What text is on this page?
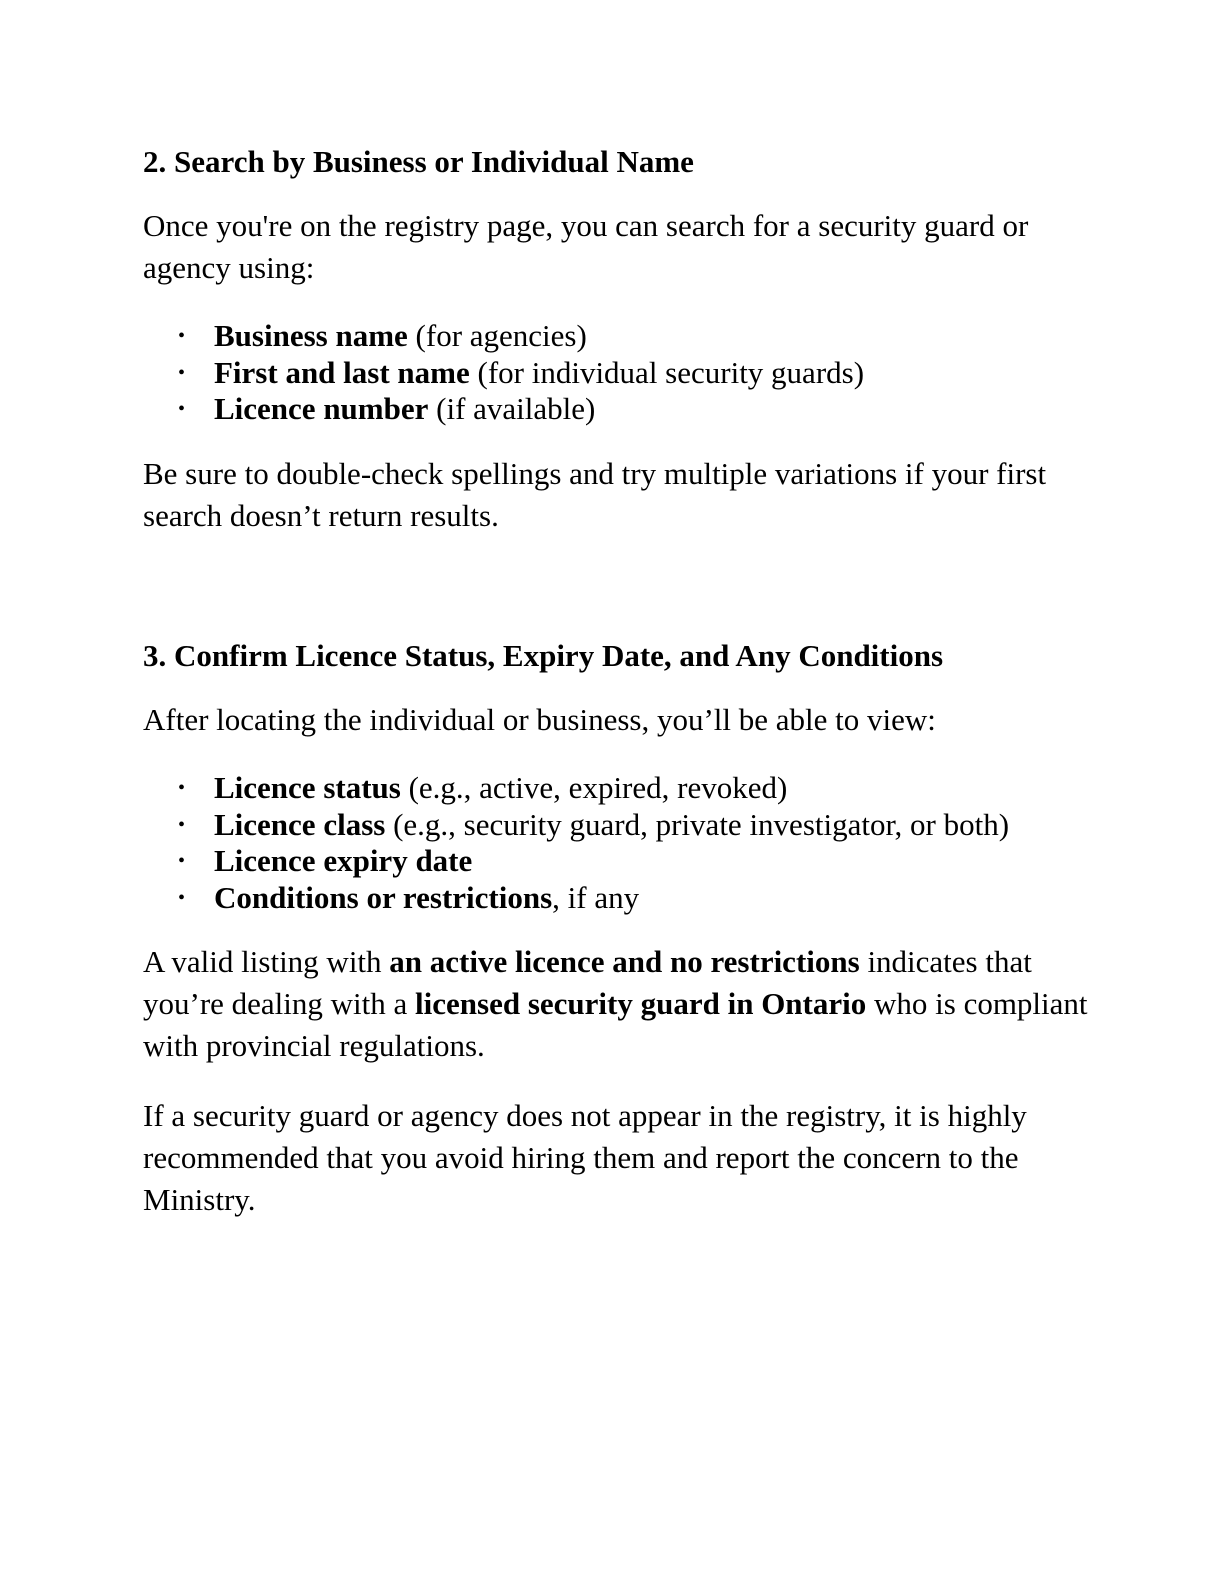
2. Search by Business or Individual Name

Once you're on the registry page, you can search for a security guard or agency using:

• Business name (for agencies)
• First and last name (for individual security guards)
• Licence number (if available)

Be sure to double-check spellings and try multiple variations if your first search doesn’t return results.

3. Confirm Licence Status, Expiry Date, and Any Conditions

After locating the individual or business, you’ll be able to view:

• Licence status (e.g., active, expired, revoked)
• Licence class (e.g., security guard, private investigator, or both)
• Licence expiry date
• Conditions or restrictions, if any

A valid listing with an active licence and no restrictions indicates that you’re dealing with a licensed security guard in Ontario who is compliant with provincial regulations.

If a security guard or agency does not appear in the registry, it is highly recommended that you avoid hiring them and report the concern to the Ministry.
